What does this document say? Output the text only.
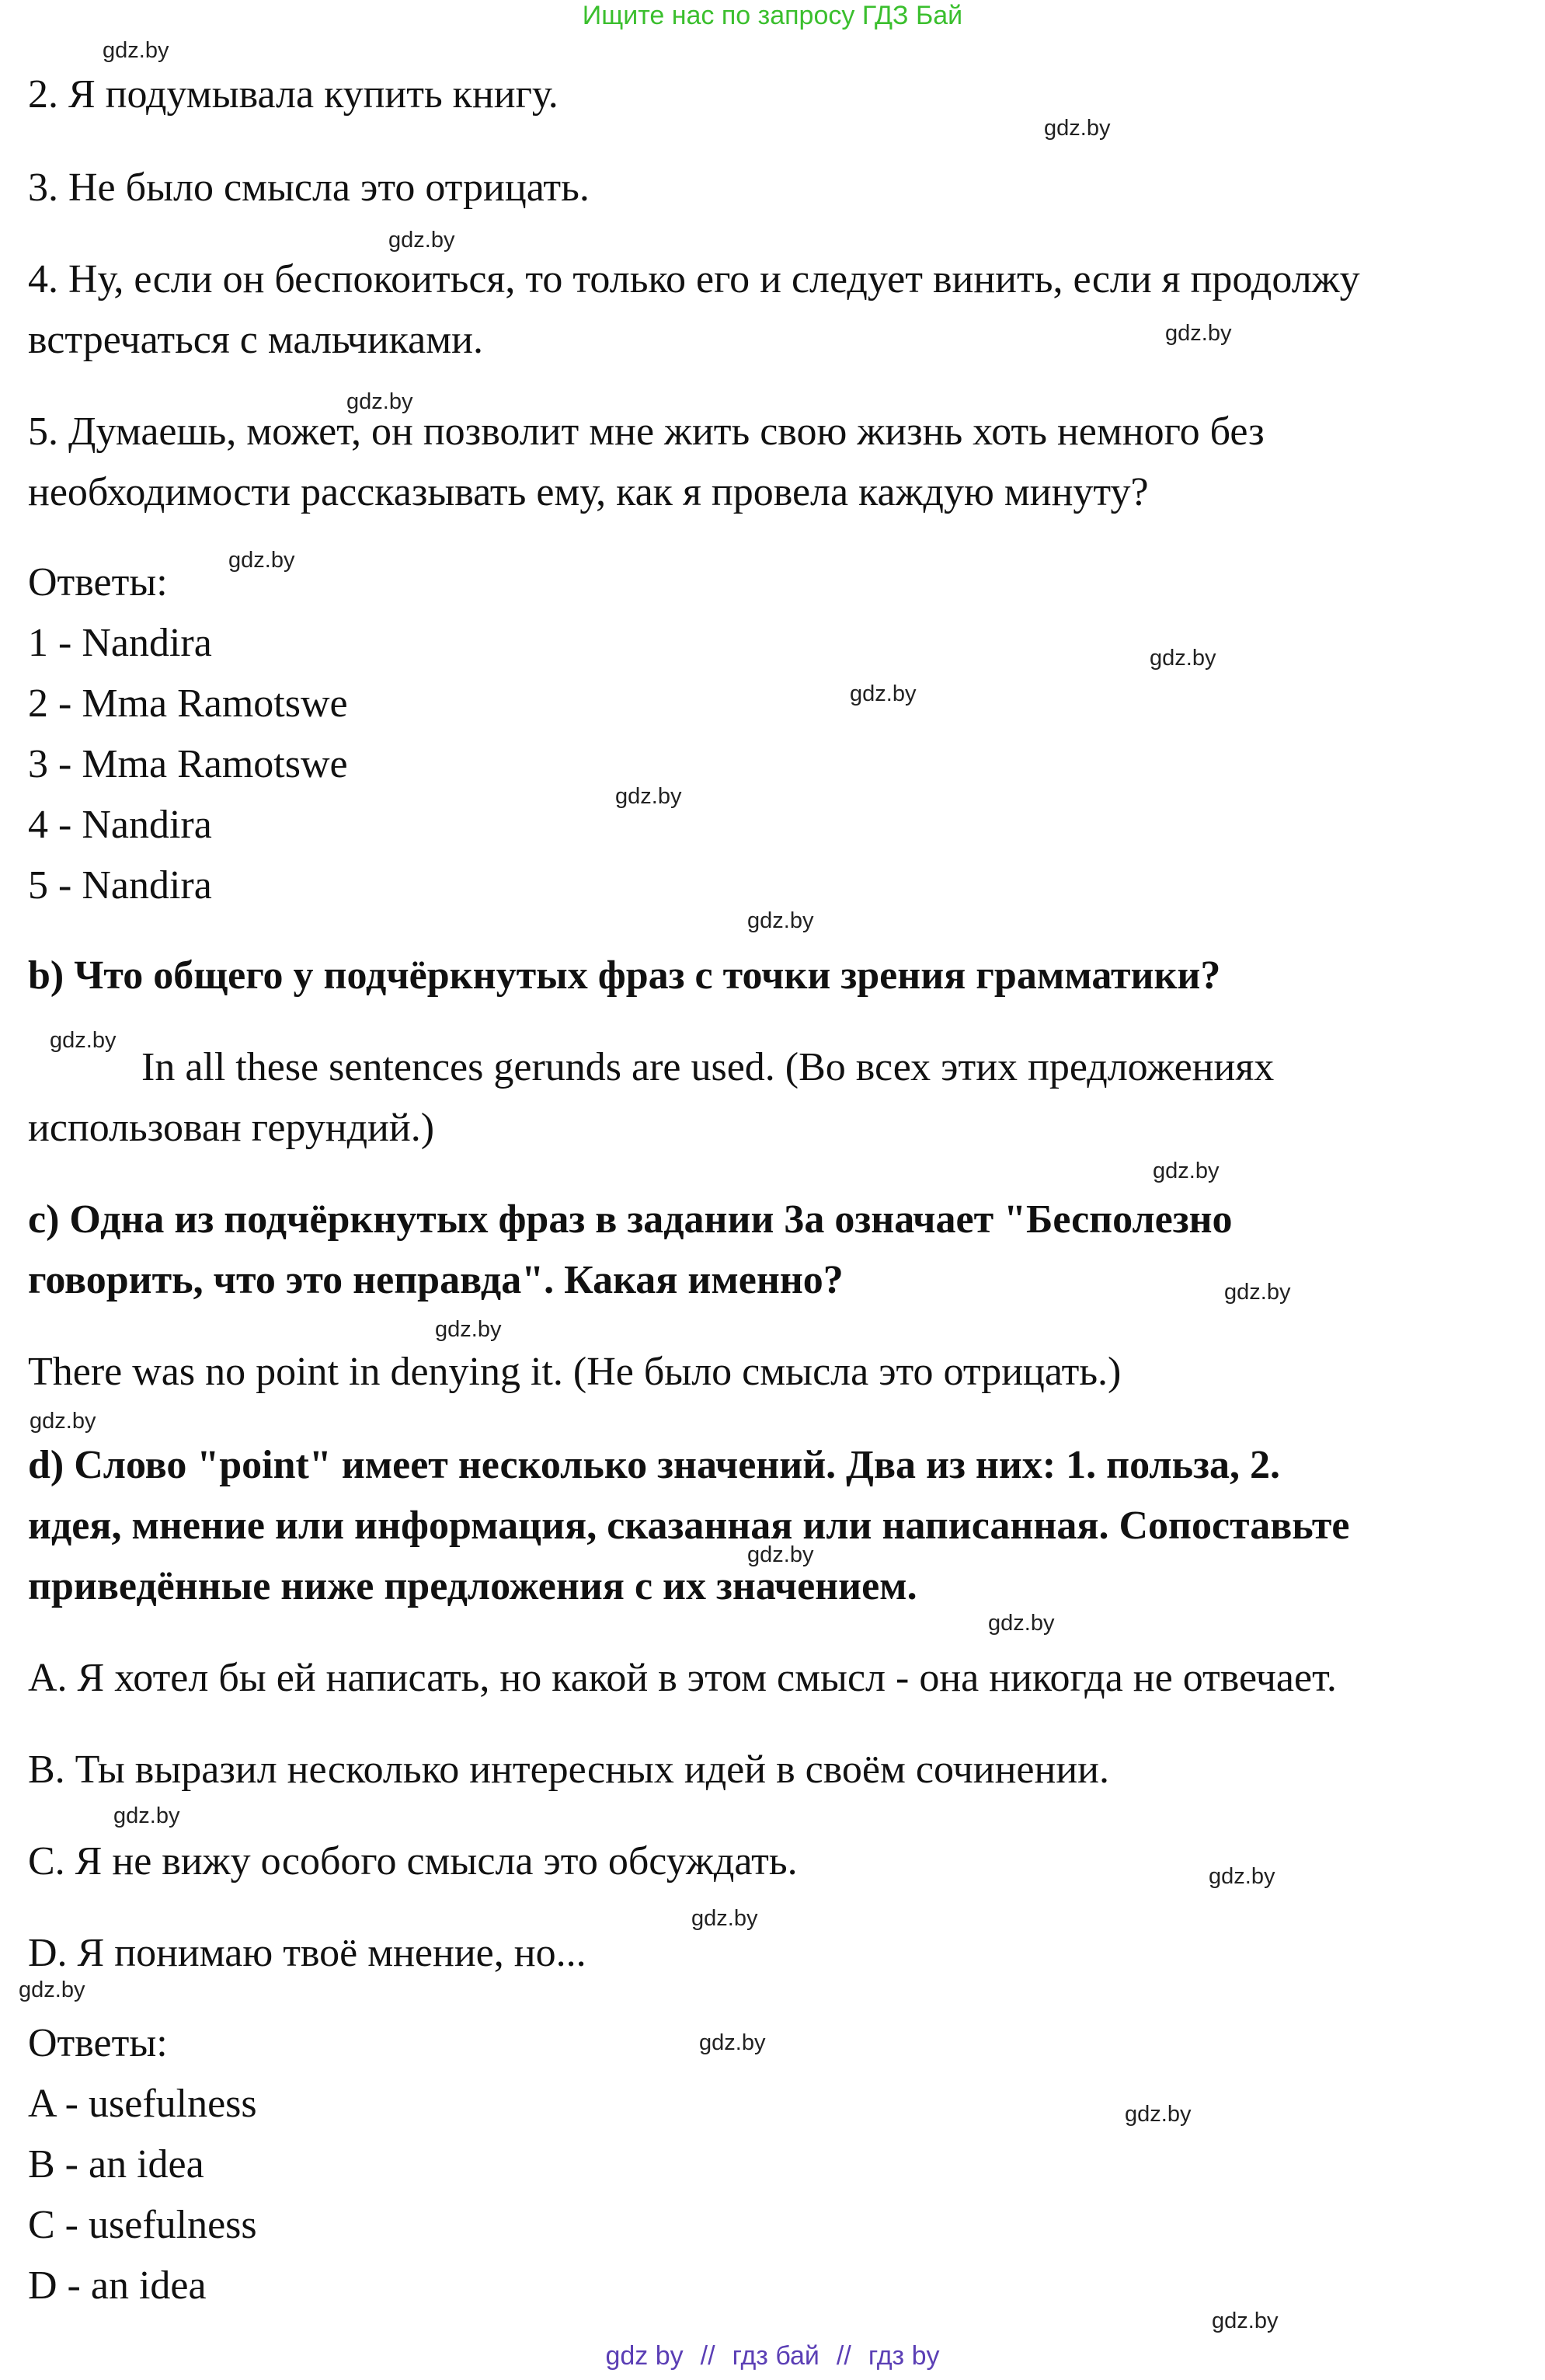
Ищите нас по запросу ГДЗ Бай
2. Я подумывала купить книгу.
3. Не было смысла это отрицать.
4. Ну, если он беспокоиться, то только его и следует винить, если я продолжу
встречаться с мальчиками.
5. Думаешь, может, он позволит мне жить свою жизнь хоть немного без
необходимости рассказывать ему, как я провела каждую минуту?
Ответы:
1 - Nandira
2 - Mma Ramotswe
3 - Mma Ramotswe
4 - Nandira
5 - Nandira
b) Что общего у подчёркнутых фраз с точки зрения грамматики?
In all these sentences gerunds are used. (Во всех этих предложениях
использован герундий.)
c) Одна из подчёркнутых фраз в задании 3a означает "Бесполезно
говорить, что это неправда". Какая именно?
There was no point in denying it. (Не было смысла это отрицать.)
d) Слово "point" имеет несколько значений. Два из них: 1. польза, 2.
идея, мнение или информация, сказанная или написанная. Сопоставьте
приведённые ниже предложения с их значением.
A. Я хотел бы ей написать, но какой в этом смысл - она никогда не отвечает.
B. Ты выразил несколько интересных идей в своём сочинении.
C. Я не вижу особого смысла это обсуждать.
D. Я понимаю твоё мнение, но...
Ответы:
A - usefulness
B - an idea
C - usefulness
D - an idea
gdz.by
gdz.by
gdz.by
gdz.by
gdz.by
gdz.by
gdz.by
gdz.by
gdz.by
gdz.by
gdz.by
gdz.by
gdz.by
gdz.by
gdz.by
gdz.by
gdz.by
gdz.by
gdz.by
gdz.by
gdz.by
gdz.by
gdz.by
gdz.by
gdz by // гдз бай // гдз by
